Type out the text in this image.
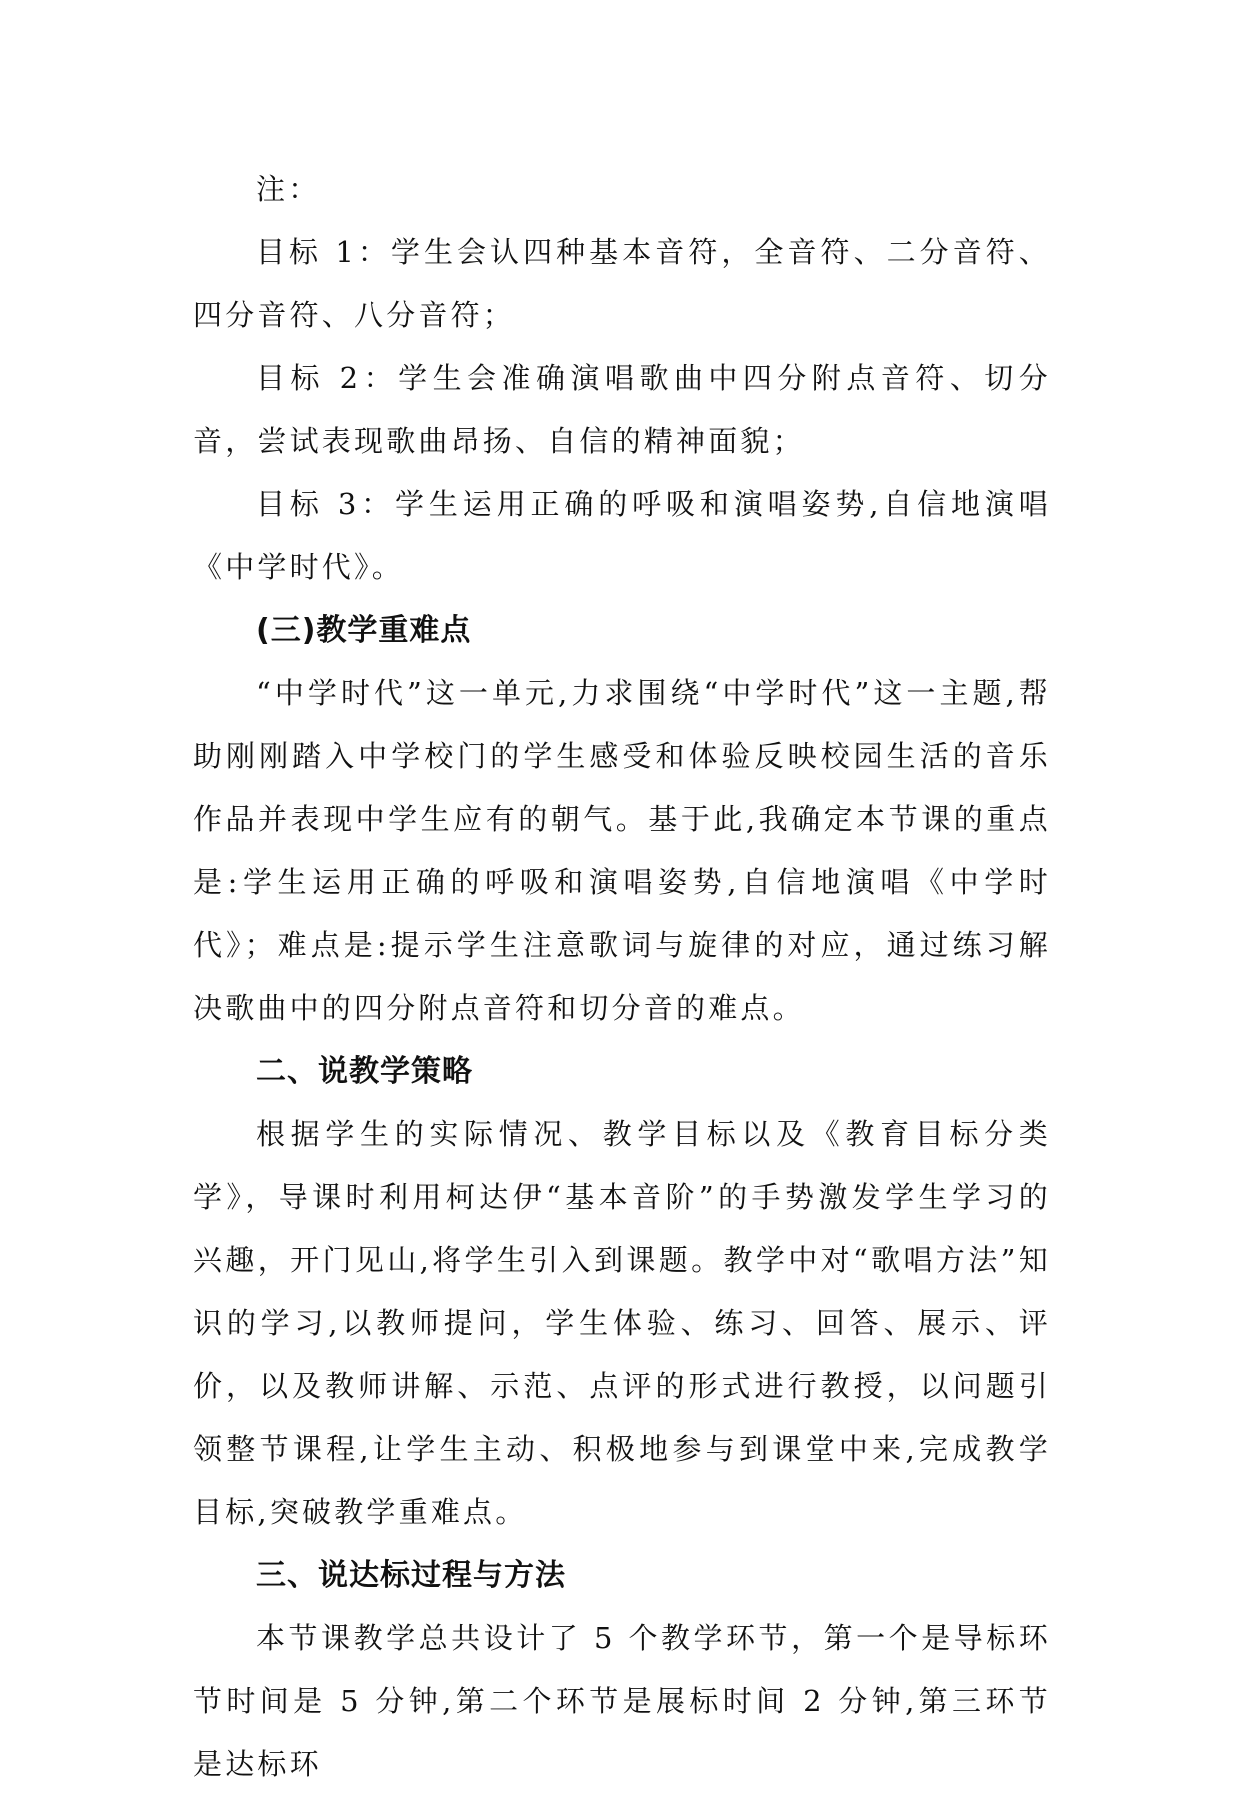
注：

目标 1：学生会认四种基本音符，全音符、二分音符、四分音符、八分音符；

目标 2：学生会准确演唱歌曲中四分附点音符、切分音，尝试表现歌曲昂扬、自信的精神面貌；

目标 3：学生运用正确的呼吸和演唱姿势,自信地演唱《中学时代》。

(三)教学重难点

“中学时代”这一单元,力求围绕“中学时代”这一主题,帮助刚刚踏入中学校门的学生感受和体验反映校园生活的音乐作品并表现中学生应有的朝气。基于此,我确定本节课的重点是:学生运用正确的呼吸和演唱姿势,自信地演唱《中学时代》；难点是:提示学生注意歌词与旋律的对应，通过练习解决歌曲中的四分附点音符和切分音的难点。

二、说教学策略

根据学生的实际情况、教学目标以及《教育目标分类学》，导课时利用柯达伊“基本音阶”的手势激发学生学习的兴趣，开门见山,将学生引入到课题。教学中对“歌唱方法”知识的学习,以教师提问，学生体验、练习、回答、展示、评价，以及教师讲解、示范、点评的形式进行教授，以问题引领整节课程,让学生主动、积极地参与到课堂中来,完成教学目标,突破教学重难点。

三、说达标过程与方法

本节课教学总共设计了 5 个教学环节，第一个是导标环节时间是 5 分钟,第二个环节是展标时间 2 分钟,第三环节是达标环
